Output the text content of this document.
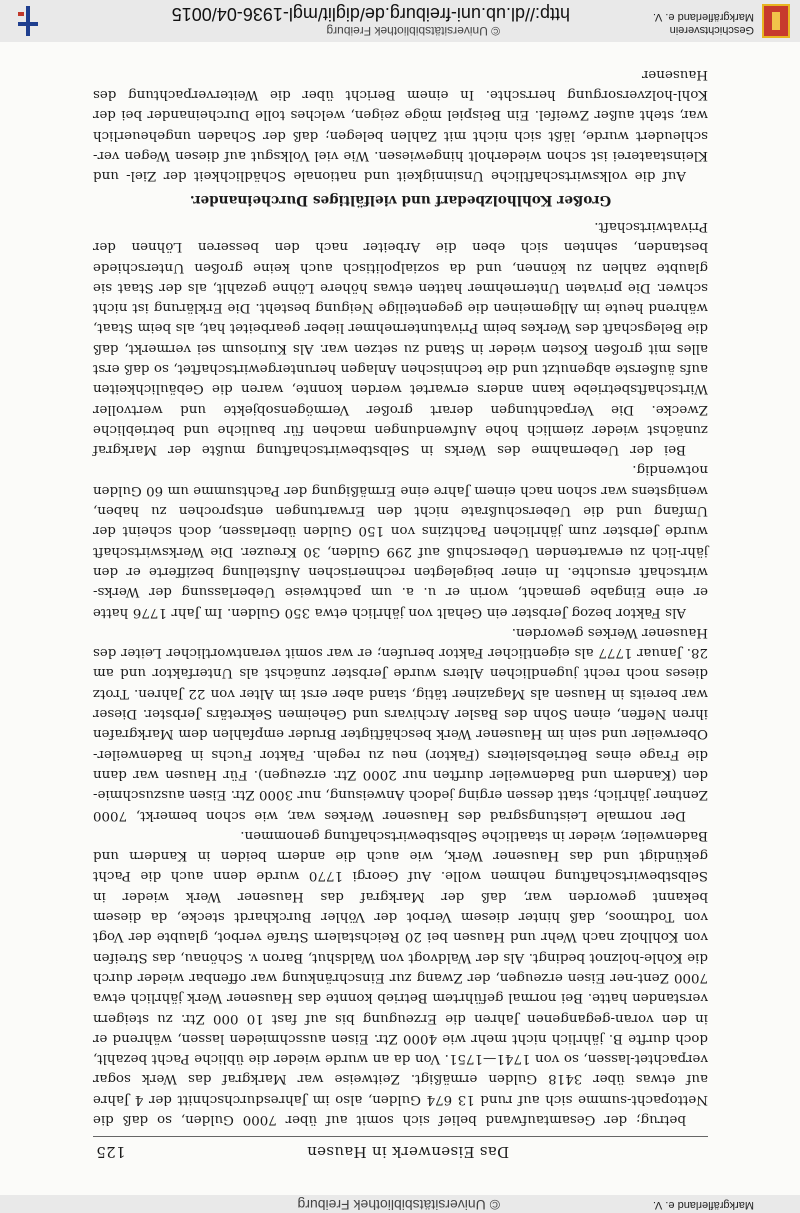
Geschichtsverein
Markgräflerland e. V.
© Universitätsbibliothek Freiburg
http://dl.ub.uni-freiburg.de/diglit/mgl-1936-04/0015
Markgräflerland e. V.
© Universitätsbibliothek Freiburg
Das Eisenwerk in Hausen
125

betrug; der Gesamtaufwand belief sich somit auf über 7000 Gulden, so daß die Nettopacht-summe sich auf rund 13 674 Gulden, also im Jahresdurchschnitt der 4 Jahre auf etwas über 3418 Gulden ermäßigt. Zeitweise war Markgraf das Werk sogar verpachtet-lassen, so von 1741—1751. Von da an wurde wieder die übliche Pacht bezahlt, doch durfte B. jährlich nicht mehr wie 4000 Ztr. Eisen ausschmieden lassen, während er in den voran-gegangenen Jahren die Erzeugung bis auf fast 10 000 Ztr. zu steigern verstanden hatte. Bei normal geführtem Betrieb konnte das Hausener Werk jährlich etwa 7000 Zent-ner Eisen erzeugen, der Zwang zur Einschränkung war offenbar wieder durch die Kohle-holznot bedingt. Als der Waldvogt von Waldshut, Baron v. Schönau, das Streifen von Kohlholz nach Wehr und Hausen bei 20 Reichstalern Strafe verbot, glaubte der Vogt von Todtmoos, daß hinter diesem Verbot der Vöhler Burckhardt stecke, da diesem bekannt geworden war, daß der Markgraf das Hausener Werk wieder in Selbstbewirtschaftung nehmen wolle. Auf Georgi 1770 wurde denn auch die Pacht gekündigt und das Hausener Werk, wie auch die andern beiden in Kandern und Badenweiler, wieder in staatliche Selbstbewirtschaftung genommen.

Der normale Leistungsgrad des Hausener Werkes war, wie schon bemerkt, 7000 Zentner jährlich; statt dessen erging jedoch Anweisung, nur 3000 Ztr. Eisen auszuschmie-den (Kandern und Badenweiler durften nur 2000 Ztr. erzeugen). Für Hausen war dann die Frage eines Betriebsleiters (Faktor) neu zu regeln. Faktor Fuchs in Badenweiler-Oberweiler und sein im Hausener Werk beschäftigter Bruder empfahlen dem Markgrafen ihren Neffen, einen Sohn des Basler Archivars und Geheimen Sekretärs Jerbster. Dieser war bereits in Hausen als Magaziner tätig, stand aber erst im Alter von 22 Jahren. Trotz dieses noch recht jugendlichen Alters wurde Jerbster zunächst als Unterfaktor und am 28. Januar 1777 als eigentlicher Faktor berufen; er war somit verantwortlicher Leiter des Hausener Werkes geworden.

Als Faktor bezog Jerbster ein Gehalt von jährlich etwa 350 Gulden. Im Jahr 1776 hatte er eine Eingabe gemacht, worin er u. a. um pachtweise Ueberlassung der Werks-wirtschaft ersuchte. In einer beigelegten rechnerischen Aufstellung bezifferte er den jähr-lich zu erwartenden Ueberschuß auf 299 Gulden, 30 Kreuzer. Die Werkswirtschaft wurde Jerbster zum jährlichen Pachtzins von 150 Gulden überlassen, doch scheint der Umfang und die Ueberschußrate nicht den Erwartungen entsprochen zu haben, wenigstens war schon nach einem Jahre eine Ermäßigung der Pachtsumme um 60 Gulden notwendig.

Bei der Uebernahme des Werks in Selbstbewirtschaftung mußte der Markgraf zunächst wieder ziemlich hohe Aufwendungen machen für bauliche und betriebliche Zwecke. Die Verpachtungen derart großer Vermögensobjekte und wertvoller Wirtschaftsbetriebe kann anders erwartet werden konnte, waren die Gebäulichkeiten aufs äußerste abgenutzt und die technischen Anlagen heruntergewirtschaftet, so daß erst alles mit großen Kosten wieder in Stand zu setzen war. Als Kuriosum sei vermerkt, daß die Belegschaft des Werkes beim Privatunternehmer lieber gearbeitet hat, als beim Staat, während heute im Allgemeinen die gegenteilige Neigung besteht. Die Erklärung ist nicht schwer. Die privaten Unternehmer hatten etwas höhere Löhne gezahlt, als der Staat sie glaubte zahlen zu können, und da sozialpolitisch auch keine großen Unterschiede bestanden, sehnten sich eben die Arbeiter nach den besseren Löhnen der Privatwirtschaft.

Großer Kohlholzbedarf und vielfältiges Durcheinander.

Auf die volkswirtschaftliche Unsinnigkeit und nationale Schädlichkeit der Ziel- und Kleinstaaterei ist schon wiederholt hingewiesen. Wie viel Volksgut auf diesen Wegen ver-schleudert wurde, läßt sich nicht mit Zahlen belegen; daß der Schaden ungeheuerlich war, steht außer Zweifel. Ein Beispiel möge zeigen, welches tolle Durcheinander bei der Kohl-holzversorgung herrschte. In einem Bericht über die Weiterverpachtung des Hausener
